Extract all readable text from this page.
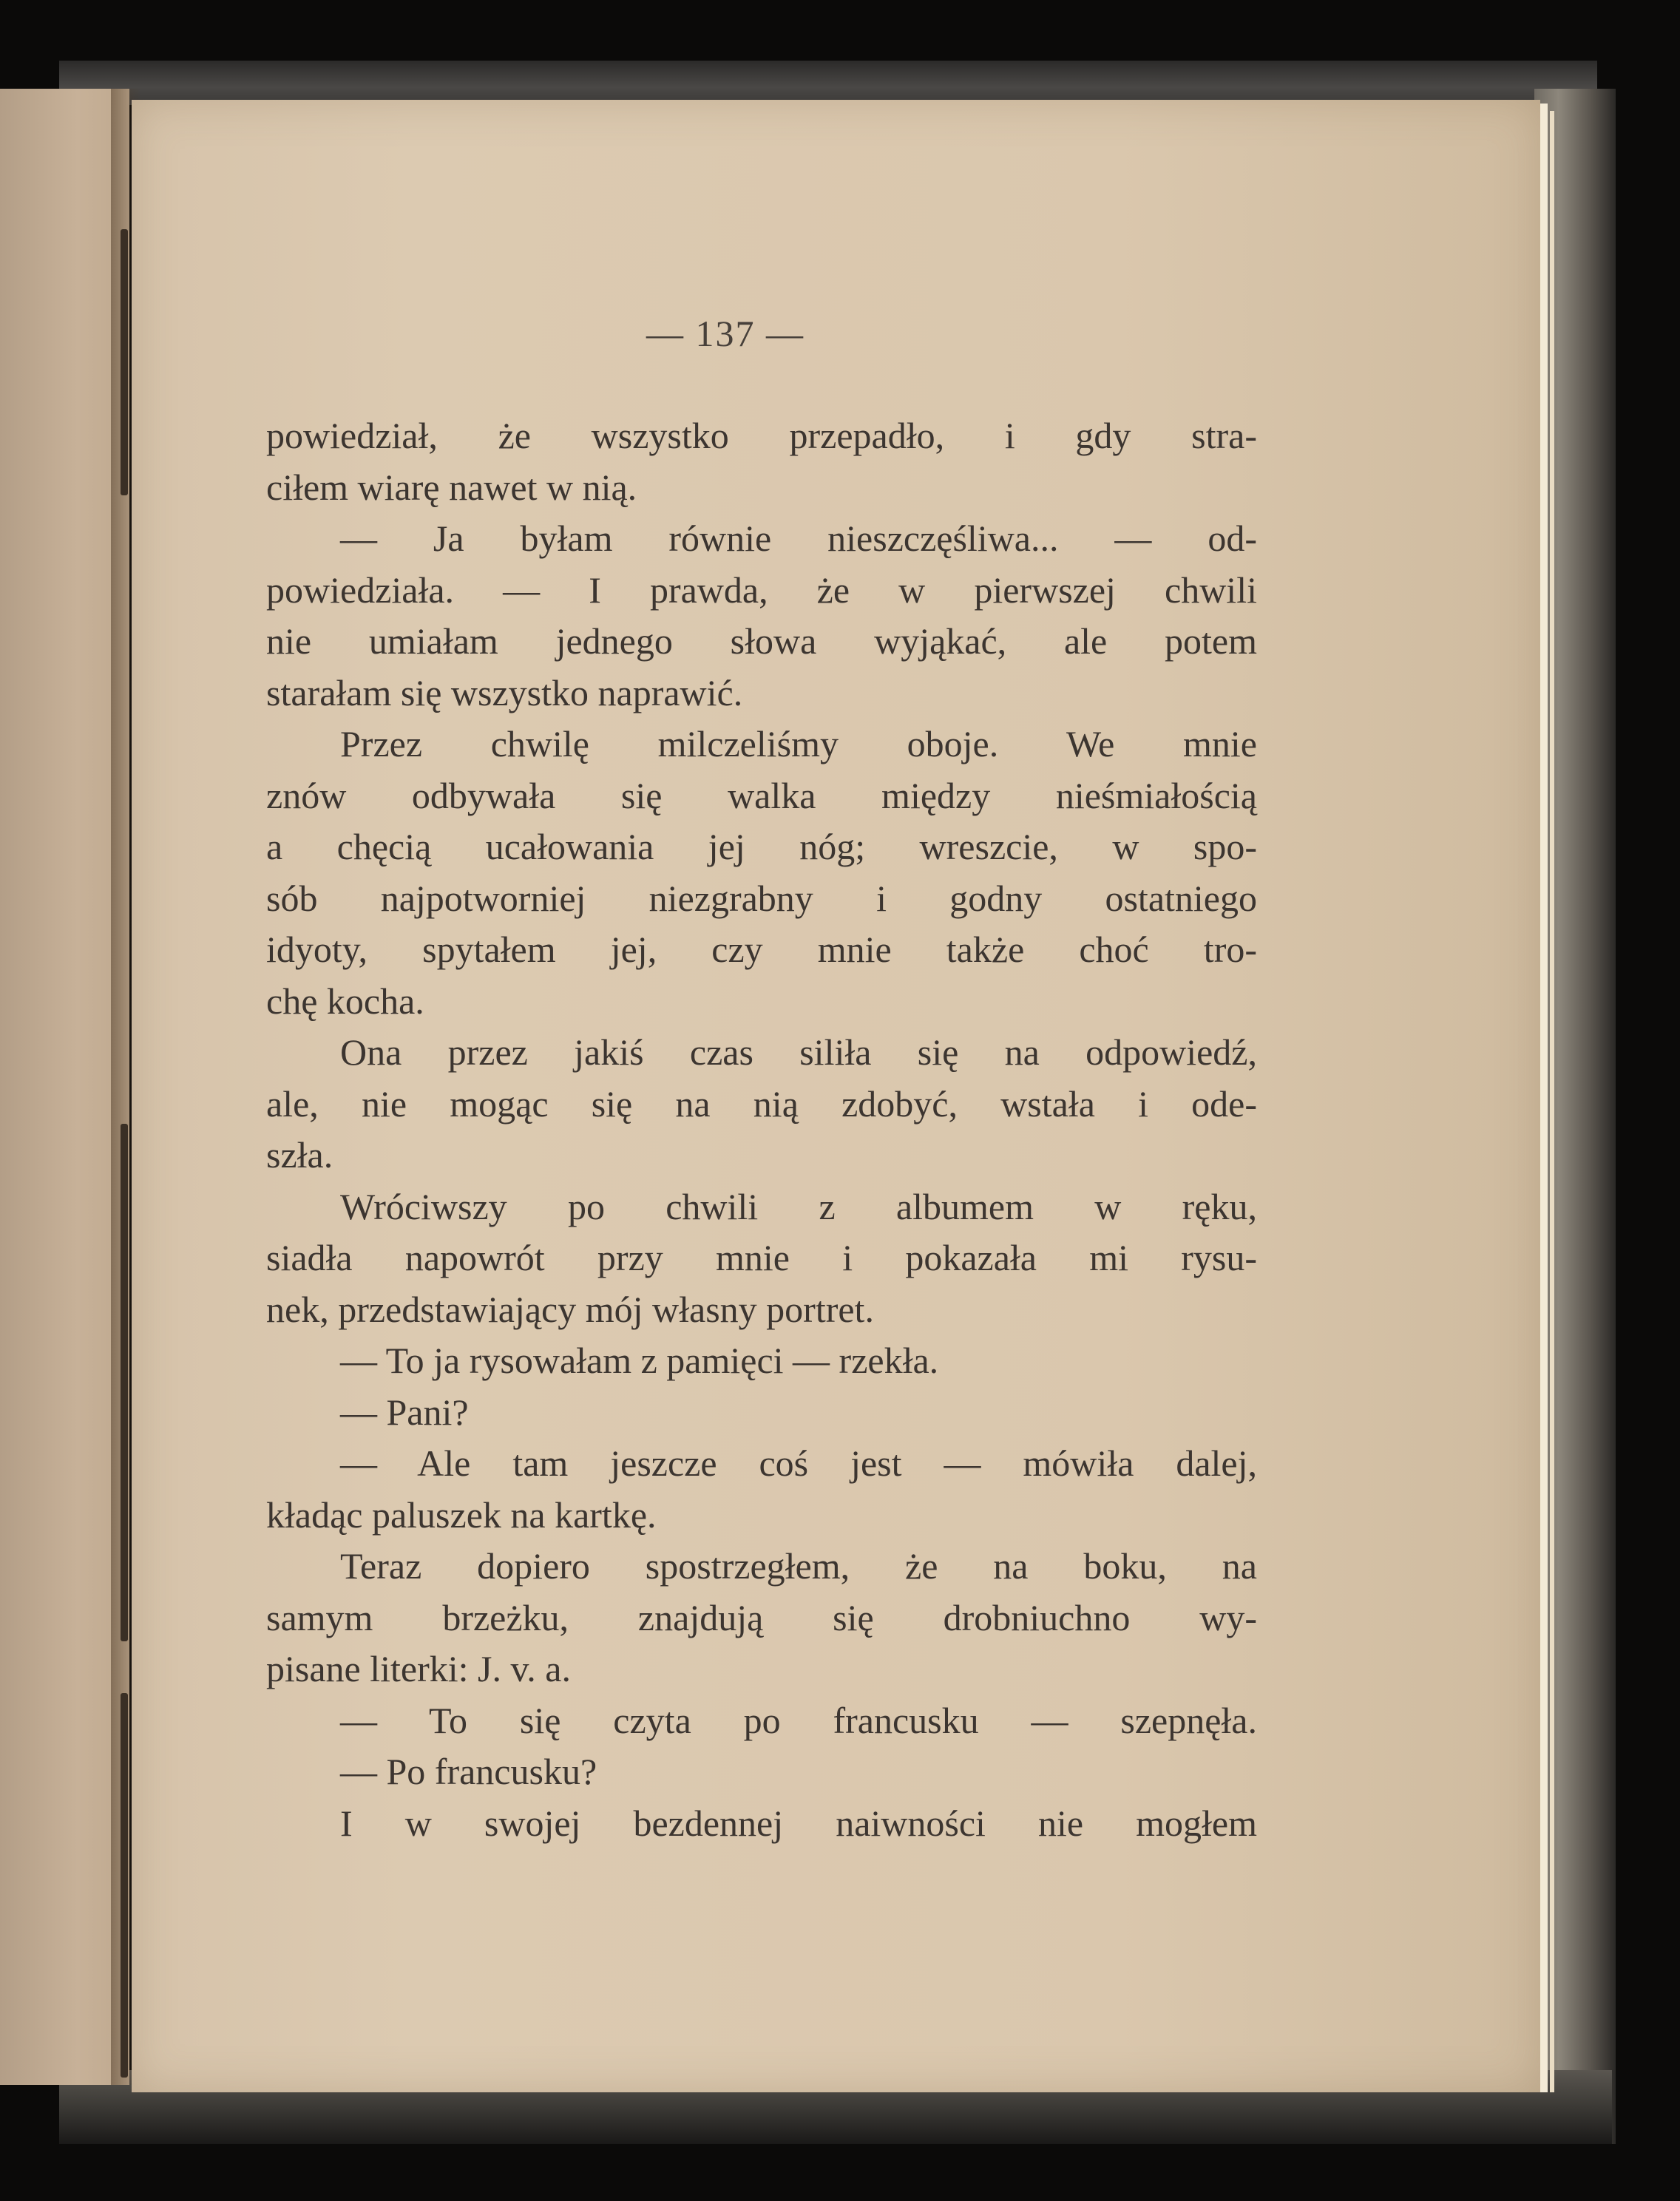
— 137 —
powiedział, że wszystko przepadło, i gdy stra-
ciłem wiarę nawet w nią.
— Ja byłam równie nieszczęśliwa... — od-
powiedziała. — I prawda, że w pierwszej chwili
nie umiałam jednego słowa wyjąkać, ale potem
starałam się wszystko naprawić.
Przez chwilę milczeliśmy oboje. We mnie
znów odbywała się walka między nieśmiałością
a chęcią ucałowania jej nóg; wreszcie, w spo-
sób najpotworniej niezgrabny i godny ostatniego
idyoty, spytałem jej, czy mnie także choć tro-
chę kocha.
Ona przez jakiś czas siliła się na odpowiedź,
ale, nie mogąc się na nią zdobyć, wstała i ode-
szła.
Wróciwszy po chwili z albumem w ręku,
siadła napowrót przy mnie i pokazała mi rysu-
nek, przedstawiający mój własny portret.
— To ja rysowałam z pamięci — rzekła.
— Pani?
— Ale tam jeszcze coś jest — mówiła dalej,
kładąc paluszek na kartkę.
Teraz dopiero spostrzegłem, że na boku, na
samym brzeżku, znajdują się drobniuchno wy-
pisane literki: J. v. a.
— To się czyta po francusku — szepnęła.
— Po francusku?
I w swojej bezdennej naiwności nie mogłem
